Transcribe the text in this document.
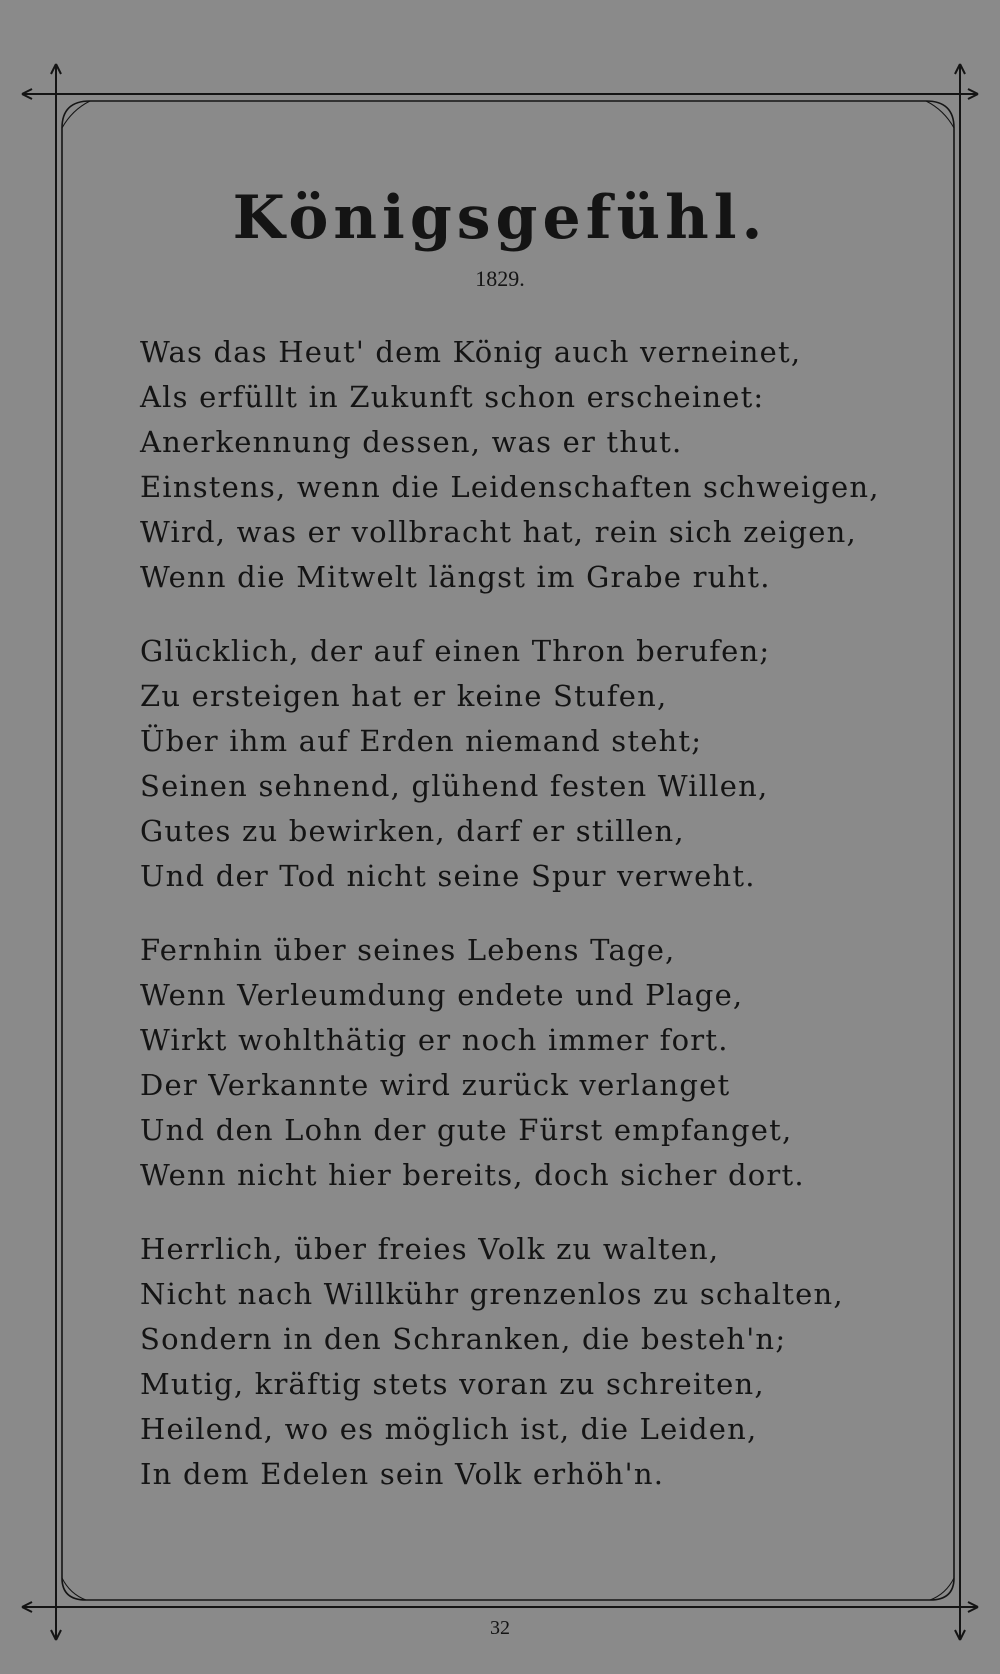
Königsgefühl.
1829.
Was das Heut' dem König auch verneinet,
Als erfüllt in Zukunft schon erscheinet:
Anerkennung dessen, was er thut.
Einstens, wenn die Leidenschaften schweigen,
Wird, was er vollbracht hat, rein sich zeigen,
Wenn die Mitwelt längst im Grabe ruht.
Glücklich, der auf einen Thron berufen;
Zu ersteigen hat er keine Stufen,
Über ihm auf Erden niemand steht;
Seinen sehnend, glühend festen Willen,
Gutes zu bewirken, darf er stillen,
Und der Tod nicht seine Spur verweht.
Fernhin über seines Lebens Tage,
Wenn Verleumdung endete und Plage,
Wirkt wohlthätig er noch immer fort.
Der Verkannte wird zurück verlanget
Und den Lohn der gute Fürst empfanget,
Wenn nicht hier bereits, doch sicher dort.
Herrlich, über freies Volk zu walten,
Nicht nach Willkühr grenzenlos zu schalten,
Sondern in den Schranken, die besteh'n;
Mutig, kräftig stets voran zu schreiten,
Heilend, wo es möglich ist, die Leiden,
In dem Edelen sein Volk erhöh'n.
32
